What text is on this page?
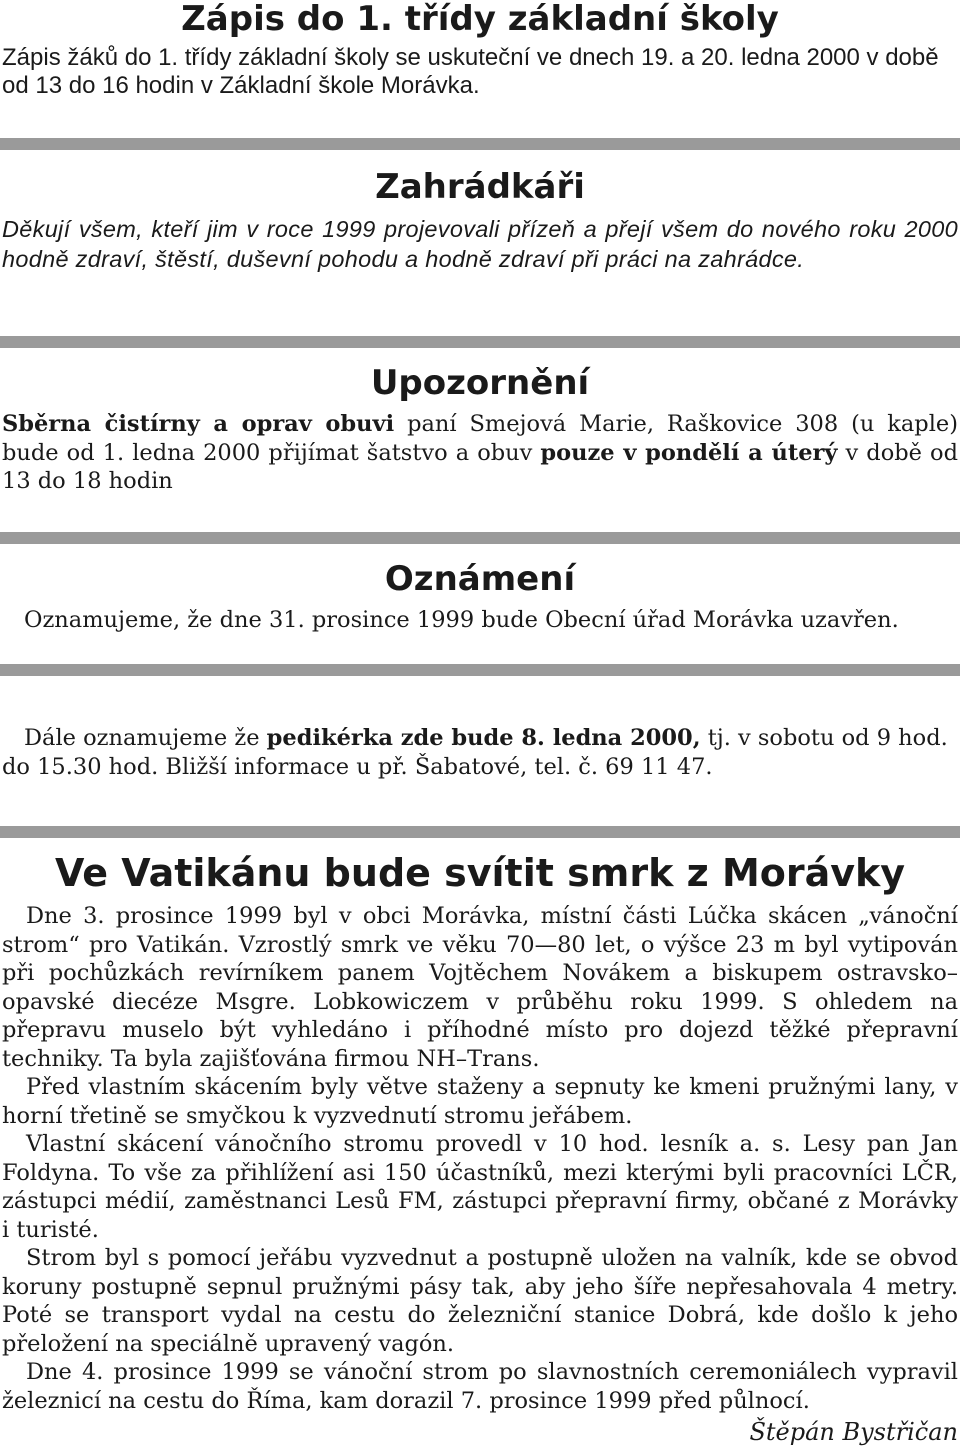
Zápis do 1. třídy základní školy

Zápis žáků do 1. třídy základní školy se uskuteční ve dnech 19. a 20. ledna 2000 v době od 13 do 16 hodin v Základní škole Morávka.

Zahrádkáři

Děkují všem, kteří jim v roce 1999 projevovali přízeň a přejí všem do nového roku 2000 hodně zdraví, štěstí, duševní pohodu a hodně zdraví při práci na zahrádce.

Upozornění

Sběrna čistírny a oprav obuvi paní Smejová Marie, Raškovice 308 (u kaple) bude od 1. ledna 2000 přijímat šatstvo a obuv pouze v pondělí a úterý v době od 13 do 18 hodin

Oznámení

Oznamujeme, že dne 31. prosince 1999 bude Obecní úřad Morávka uzavřen.

Dále oznamujeme že pedikérka zde bude 8. ledna 2000, tj. v sobotu od 9 hod. do 15.30 hod. Bližší informace u př. Šabatové, tel. č. 69 11 47.

Ve Vatikánu bude svítit smrk z Morávky

Dne 3. prosince 1999 byl v obci Morávka, místní části Lúčka skácen „vánoční strom“ pro Vatikán. Vzrostlý smrk ve věku 70—80 let, o výšce 23 m byl vytipován při pochůzkách revírníkem panem Vojtěchem Novákem a biskupem ostravsko–opavské diecéze Msgre. Lobkowiczem v průběhu roku 1999. S ohledem na přepravu muselo být vyhledáno i příhodné místo pro dojezd těžké přepravní techniky. Ta byla zajišťována firmou NH–Trans.

Před vlastním skácením byly větve staženy a sepnuty ke kmeni pružnými lany, v horní třetině se smyčkou k vyzvednutí stromu jeřábem.

Vlastní skácení vánočního stromu provedl v 10 hod. lesník a. s. Lesy pan Jan Foldyna. To vše za přihlížení asi 150 účastníků, mezi kterými byli pracovníci LČR, zástupci médií, zaměstnanci Lesů FM, zástupci přepravní firmy, občané z Morávky i turisté.

Strom byl s pomocí jeřábu vyzvednut a postupně uložen na valník, kde se obvod koruny postupně sepnul pružnými pásy tak, aby jeho šíře nepřesahovala 4 metry. Poté se transport vydal na cestu do železniční stanice Dobrá, kde došlo k jeho přeložení na speciálně upravený vagón.

Dne 4. prosince 1999 se vánoční strom po slavnostních ceremoniálech vypravil železnicí na cestu do Říma, kam dorazil 7. prosince 1999 před půlnocí.

Štěpán Bystřičan
